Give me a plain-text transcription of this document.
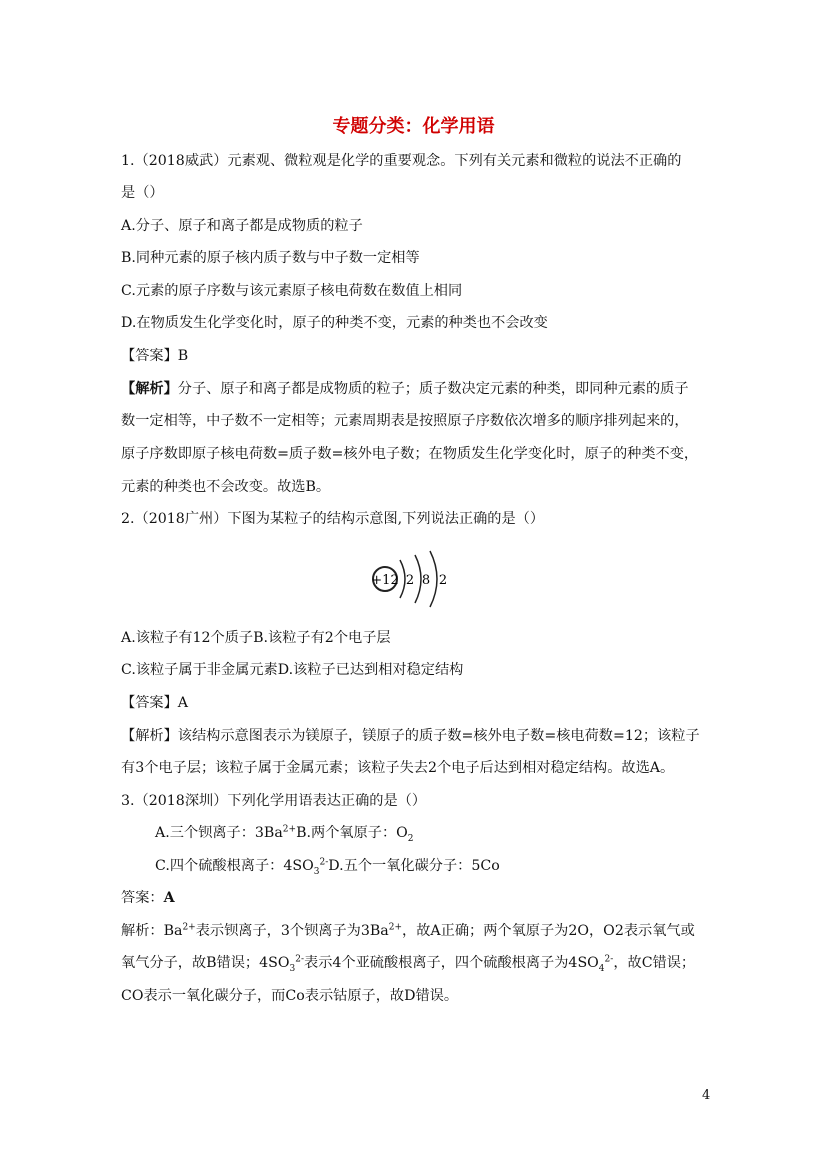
专题分类：化学用语
1.（2018威武）元素观、微粒观是化学的重要观念。下列有关元素和微粒的说法不正确的
是（）
A.分子、原子和离子都是成物质的粒子
B.同种元素的原子核内质子数与中子数一定相等
C.元素的原子序数与该元素原子核电荷数在数值上相同
D.在物质发生化学变化时，原子的种类不变，元素的种类也不会改变
【答案】B
【解析】分子、原子和离子都是成物质的粒子；质子数决定元素的种类，即同种元素的质子
数一定相等，中子数不一定相等；元素周期表是按照原子序数依次增多的顺序排列起来的，
原子序数即原子核电荷数=质子数=核外电子数；在物质发生化学变化时，原子的种类不变，
元素的种类也不会改变。故选B。
2.（2018广州）下图为某粒子的结构示意图,下列说法正确的是（）
+12 2 8 2
A.该粒子有12个质子B.该粒子有2个电子层
C.该粒子属于非金属元素D.该粒子已达到相对稳定结构
【答案】A
【解析】该结构示意图表示为镁原子，镁原子的质子数=核外电子数=核电荷数=12；该粒子
有3个电子层；该粒子属于金属元素；该粒子失去2个电子后达到相对稳定结构。故选A。
3.（2018深圳）下列化学用语表达正确的是（）
A.三个钡离子：$3Ba^{2+}B$.两个氧原子：$O_2$
C.四个硫酸根离子：$4SO_3^{2-}D$.五个一氧化碳分子：5Co
答案：A
解析：$Ba^{2+}$表示钡离子，3个钡离子为$3Ba^{2+}$，故A正确；两个氧原子为2O，O2表示氧气或
氧气分子，故B错误；$4SO_3^{2-}$表示4个亚硫酸根离子，四个硫酸根离子为$4SO_4^{2-}$，故C错误；
CO表示一氧化碳分子，而Co表示钴原子，故D错误。
4
